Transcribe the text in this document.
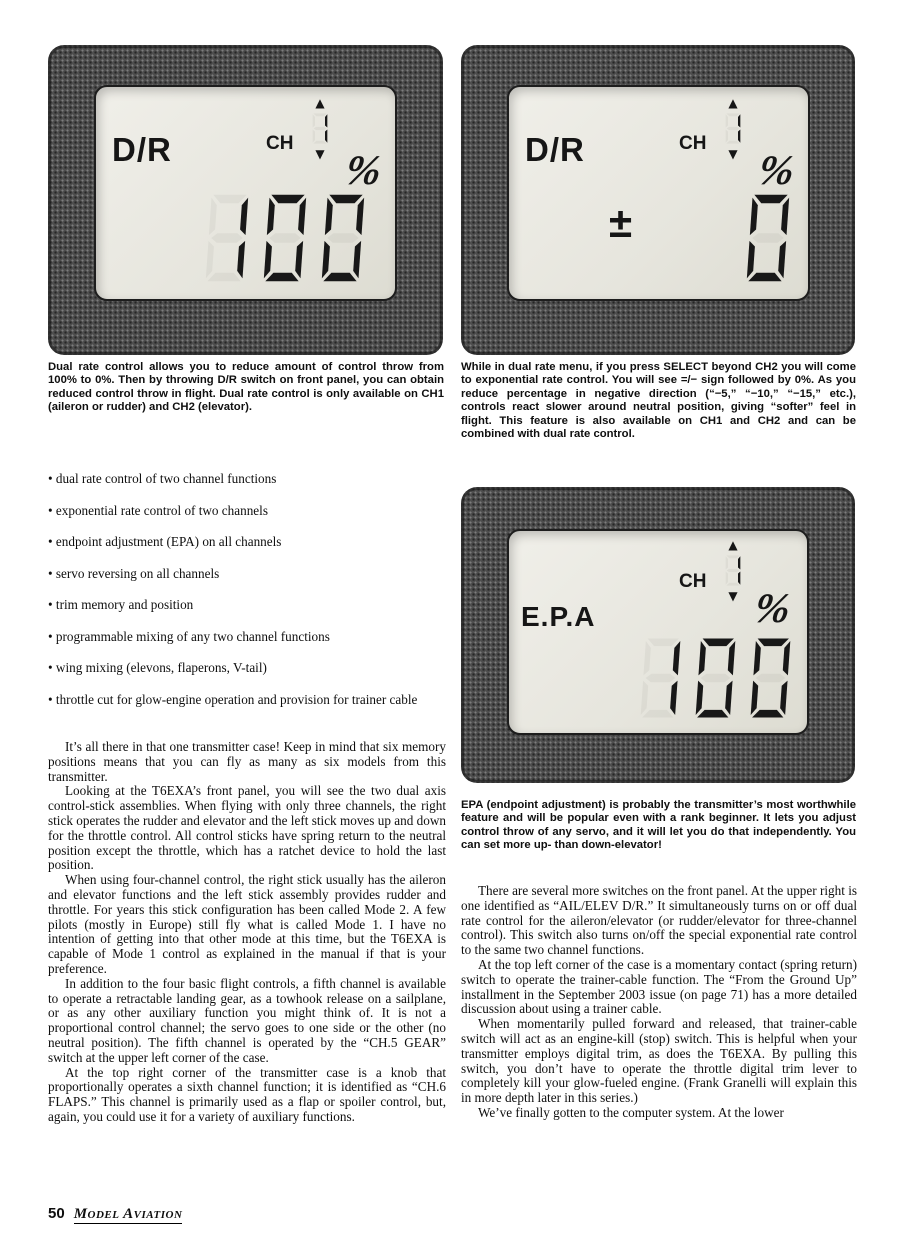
D/R	CH
▲
▼ %	D/R	CH
▲
▼ %
±

Dual rate control allows you to reduce amount of control throw from 100% to 0%. Then by throwing D/R switch on front panel, you can obtain reduced control throw in flight. Dual rate control is only available on CH1 (aileron or rudder) and CH2 (elevator).

While in dual rate menu, if you press SELECT beyond CH2 you will come to exponential rate control. You will see =/− sign followed by 0%. As you reduce percentage in negative direction (“−5,” “−10,” “−15,” etc.), controls react slower around neutral position, giving “softer” feel in flight. This feature is also available on CH1 and CH2 and can be combined with dual rate control.

• dual rate control of two channel functions
• exponential rate control of two channels
• endpoint adjustment (EPA) on all channels
• servo reversing on all channels
• trim memory and position
• programmable mixing of any two channel functions
• wing mixing (elevons, flaperons, V-tail)
• throttle cut for glow-engine operation and provision for trainer cable
E.P.A
CH
▲
▼ %

EPA (endpoint adjustment) is probably the transmitter’s most worthwhile feature and will be popular even with a rank beginner. It lets you adjust control throw of any servo, and it will let you do that independently. You can set more up- than down-elevator!

It’s all there in that one transmitter case! Keep in mind that six memory positions means that you can fly as many as six models from this transmitter.

Looking at the T6EXA’s front panel, you will see the two dual axis control-stick assemblies. When flying with only three channels, the right stick operates the rudder and elevator and the left stick moves up and down for the throttle control. All control sticks have spring return to the neutral position except the throttle, which has a ratchet device to hold the last position.

When using four-channel control, the right stick usually has the aileron and elevator functions and the left stick assembly provides rudder and throttle. For years this stick configuration has been called Mode 2. A few pilots (mostly in Europe) still fly what is called Mode 1. I have no intention of getting into that other mode at this time, but the T6EXA is capable of Mode 1 control as explained in the manual if that is your preference.

In addition to the four basic flight controls, a fifth channel is available to operate a retractable landing gear, as a towhook release on a sailplane, or as any other auxiliary function you might think of. It is not a proportional control channel; the servo goes to one side or the other (no neutral position). The fifth channel is operated by the “CH.5 GEAR” switch at the upper left corner of the case.

At the top right corner of the transmitter case is a knob that proportionally operates a sixth channel function; it is identified as “CH.6 FLAPS.” This channel is primarily used as a flap or spoiler control, but, again, you could use it for a variety of auxiliary functions.

There are several more switches on the front panel. At the upper right is one identified as “AIL/ELEV D/R.” It simultaneously turns on or off dual rate control for the aileron/elevator (or rudder/elevator for three-channel control). This switch also turns on/off the special exponential rate control to the same two channel functions.

At the top left corner of the case is a momentary contact (spring return) switch to operate the trainer-cable function. The “From the Ground Up” installment in the September 2003 issue (on page 71) has a more detailed discussion about using a trainer cable.

When momentarily pulled forward and released, that trainer-cable switch will act as an engine-kill (stop) switch. This is helpful when your transmitter employs digital trim, as does the T6EXA. By pulling this switch, you don’t have to operate the throttle digital trim lever to completely kill your glow-fueled engine. (Frank Granelli will explain this in more depth later in this series.)

We’ve finally gotten to the computer system. At the lower

50 Model Aviation
